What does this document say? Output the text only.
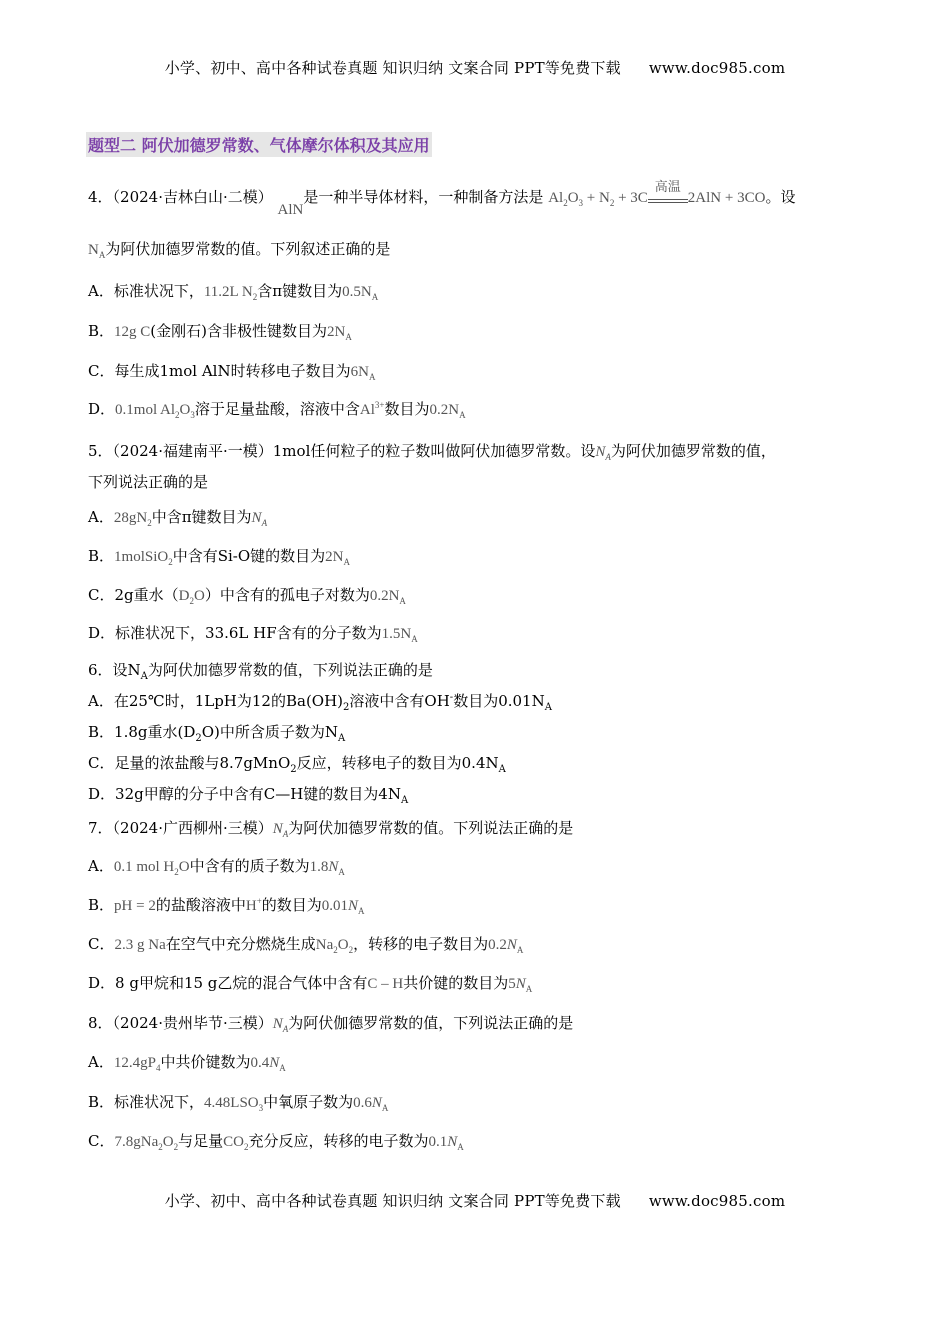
小学、初中、高中各种试卷真题 知识归纳 文案合同 PPT等免费下载 www.doc985.com
题型二 阿伏加德罗常数、气体摩尔体积及其应用
4．（2024·吉林白山·二模） AlN是一种半导体材料，一种制备方法是 $Al_2O_3 + N_2 + 3C$
高温
2AlN + 3CO。设
$N_A$为阿伏加德罗常数的值。下列叙述正确的是
A．标准状况下，11.2L $N_2$含π键数目为$0.5N_A$
B．12g C(金刚石)含非极性键数目为$2N_A$
C．每生成1mol AlN时转移电子数目为$6N_A$
D．0.1mol $Al_2O_3$溶于足量盐酸，溶液中含$Al^{3+}$数目为$0.2N_A$
5．（2024·福建南平·一模）1mol任何粒子的粒子数叫做阿伏加德罗常数。设$N_A$为阿伏加德罗常数的值，
下列说法正确的是
A．$28gN_2$中含π键数目为$N_A$
B．1molSiO$_2$中含有Si-O键的数目为$2N_A$
C．2g重水$(D_2O)$中含有的孤电子对数为$0.2N_A$
D．标准状况下，33.6L HF含有的分子数为$1.5N_A$
6．设$N_A$为阿伏加德罗常数的值，下列说法正确的是
A．在25℃时，1LpH为12的$Ba(OH)_2$溶液中含有OH-数目为$0.01N_A$
B．1.8g重水$(D_2O)$中所含质子数为$N_A$
C．足量的浓盐酸与8.7gMnO$_2$反应，转移电子的数目为$0.4N_A$
D．32g甲醇的分子中含有C—H键的数目为$4N_A$
7．（2024·广西柳州·三模）$N_A$为阿伏加德罗常数的值。下列说法正确的是
A．0.1 mol $H_2O$中含有的质子数为$1.8N_A$
B．pH = 2的盐酸溶液中H+的数目为$0.01N_A$
C．2.3 g Na在空气中充分燃烧生成$Na_2O_2$，转移的电子数目为$0.2N_A$
D．8 g甲烷和15 g乙烷的混合气体中含有C – H共价键的数目为$5N_A$
8．（2024·贵州毕节·三模）$N_A$为阿伏伽德罗常数的值，下列说法正确的是
A．$12.4gP_4$中共价键数为$0.4N_A$
B．标准状况下，$4.48LSO_3$中氧原子数为$0.6N_A$
C．$7.8gNa_2O_2$与足量$CO_2$充分反应，转移的电子数为$0.1N_A$
小学、初中、高中各种试卷真题 知识归纳 文案合同 PPT等免费下载 www.doc985.com
